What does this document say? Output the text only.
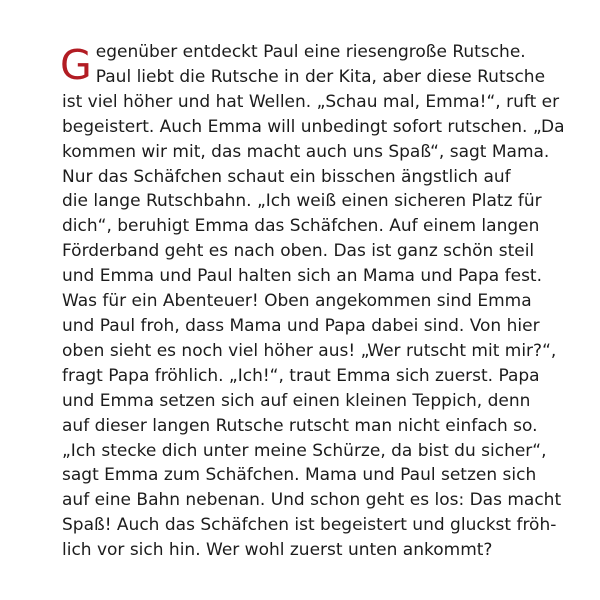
G egenüber entdeckt Paul eine riesengroße Rutsche.
Paul liebt die Rutsche in der Kita, aber diese Rutsche
ist viel höher und hat Wellen. „Schau mal, Emma!“, ruft er
begeistert. Auch Emma will unbedingt sofort rutschen. „Da
kommen wir mit, das macht auch uns Spaß“, sagt Mama.
Nur das Schäfchen schaut ein bisschen ängstlich auf
die lange Rutschbahn. „Ich weiß einen sicheren Platz für
dich“, beruhigt Emma das Schäfchen. Auf einem langen
Förderband geht es nach oben. Das ist ganz schön steil
und Emma und Paul halten sich an Mama und Papa fest.
Was für ein Abenteuer! Oben angekommen sind Emma
und Paul froh, dass Mama und Papa dabei sind. Von hier
oben sieht es noch viel höher aus! „Wer rutscht mit mir?“,
fragt Papa fröhlich. „Ich!“, traut Emma sich zuerst. Papa
und Emma setzen sich auf einen kleinen Teppich, denn
auf dieser langen Rutsche rutscht man nicht einfach so.
„Ich stecke dich unter meine Schürze, da bist du sicher“,
sagt Emma zum Schäfchen. Mama und Paul setzen sich
auf eine Bahn nebenan. Und schon geht es los: Das macht
Spaß! Auch das Schäfchen ist begeistert und gluckst fröh-
lich vor sich hin. Wer wohl zuerst unten ankommt?
